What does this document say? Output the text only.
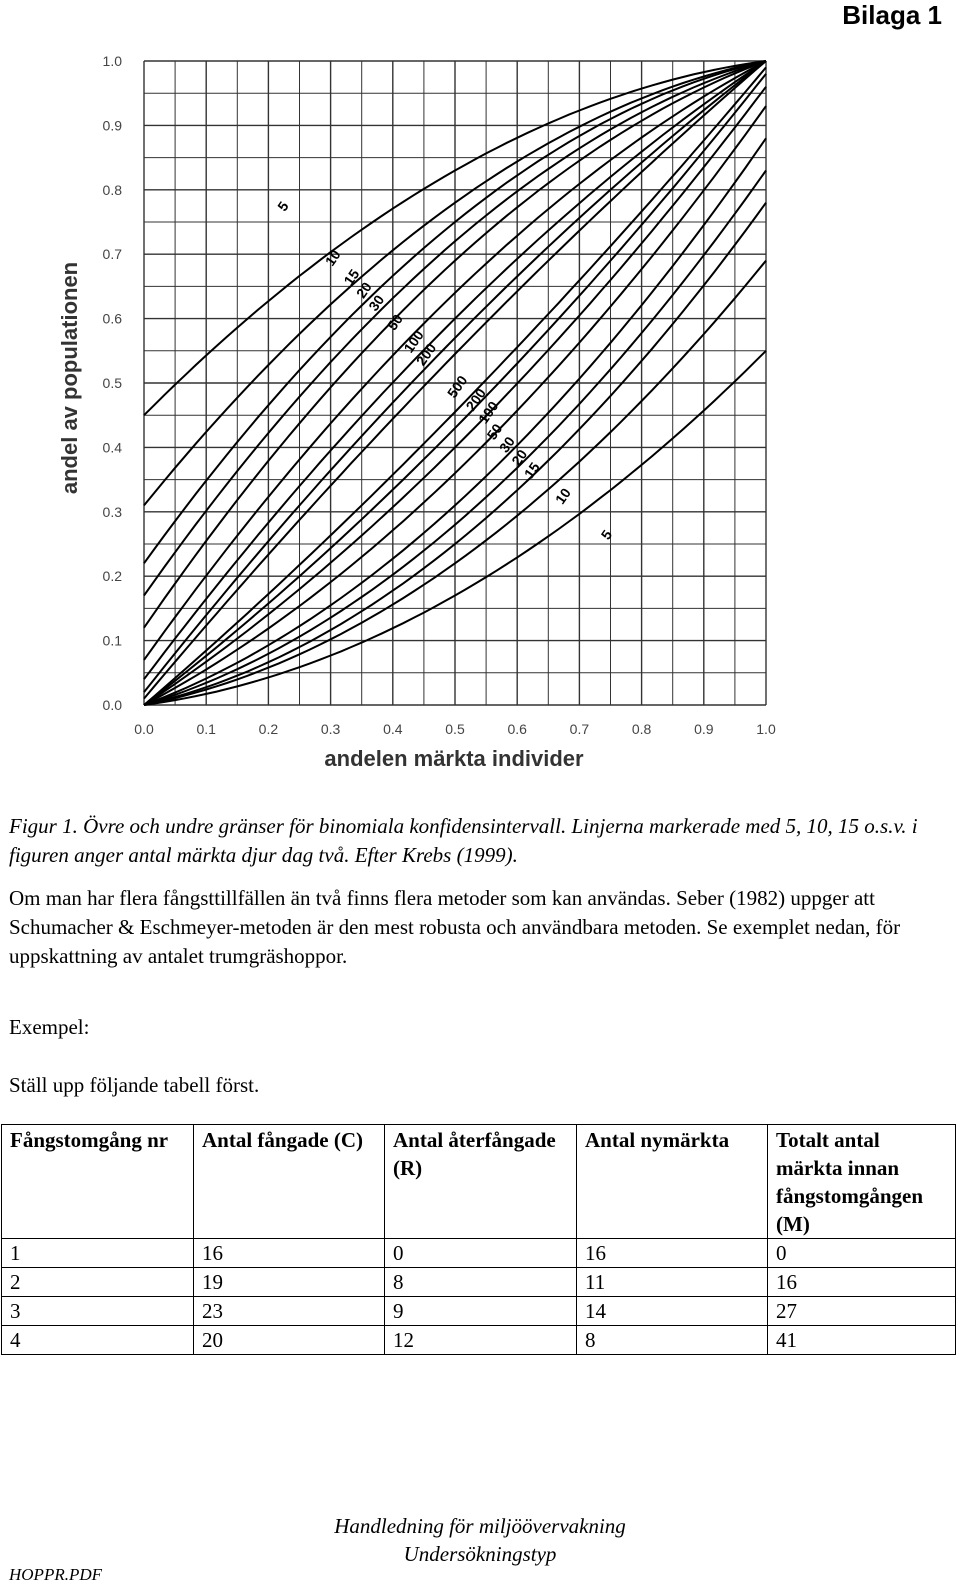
Bilaga 1
0.0	0.1	0.2	0.3	0.4	0.5	0.6	0.7	0.8	0.9	1.0
0.0
0.1
0.2
0.3
0.4
0.5
0.6
0.7
0.8
0.9
1.0
5
10
15
20
30
50
100
200
500
200
100
50
30
20
15
10
5
andel av populationen
andelen märkta individer
Figur 1. Övre och undre gränser för binomiala konfidensintervall. Linjerna markerade med 5, 10, 15 o.s.v. i figuren anger antal märkta djur dag två. Efter Krebs (1999).
Om man har flera fångsttillfällen än två finns flera metoder som kan användas. Seber (1982) uppger att Schumacher & Eschmeyer-metoden är den mest robusta och användbara metoden. Se exemplet nedan, för uppskattning av antalet trumgräshoppor.
Exempel:
Ställ upp följande tabell först.
Fångstomgång nr	Antal fångade (C)	Antal återfångade (R)	Antal nymärkta	Totalt antal märkta innan fångstomgången (M)
1	16	0	16	0
2	19	8	11	16
3	23	9	14	27
4	20	12	8	41
Handledning för miljöövervakning
Undersökningstyp
HOPPR.PDF
